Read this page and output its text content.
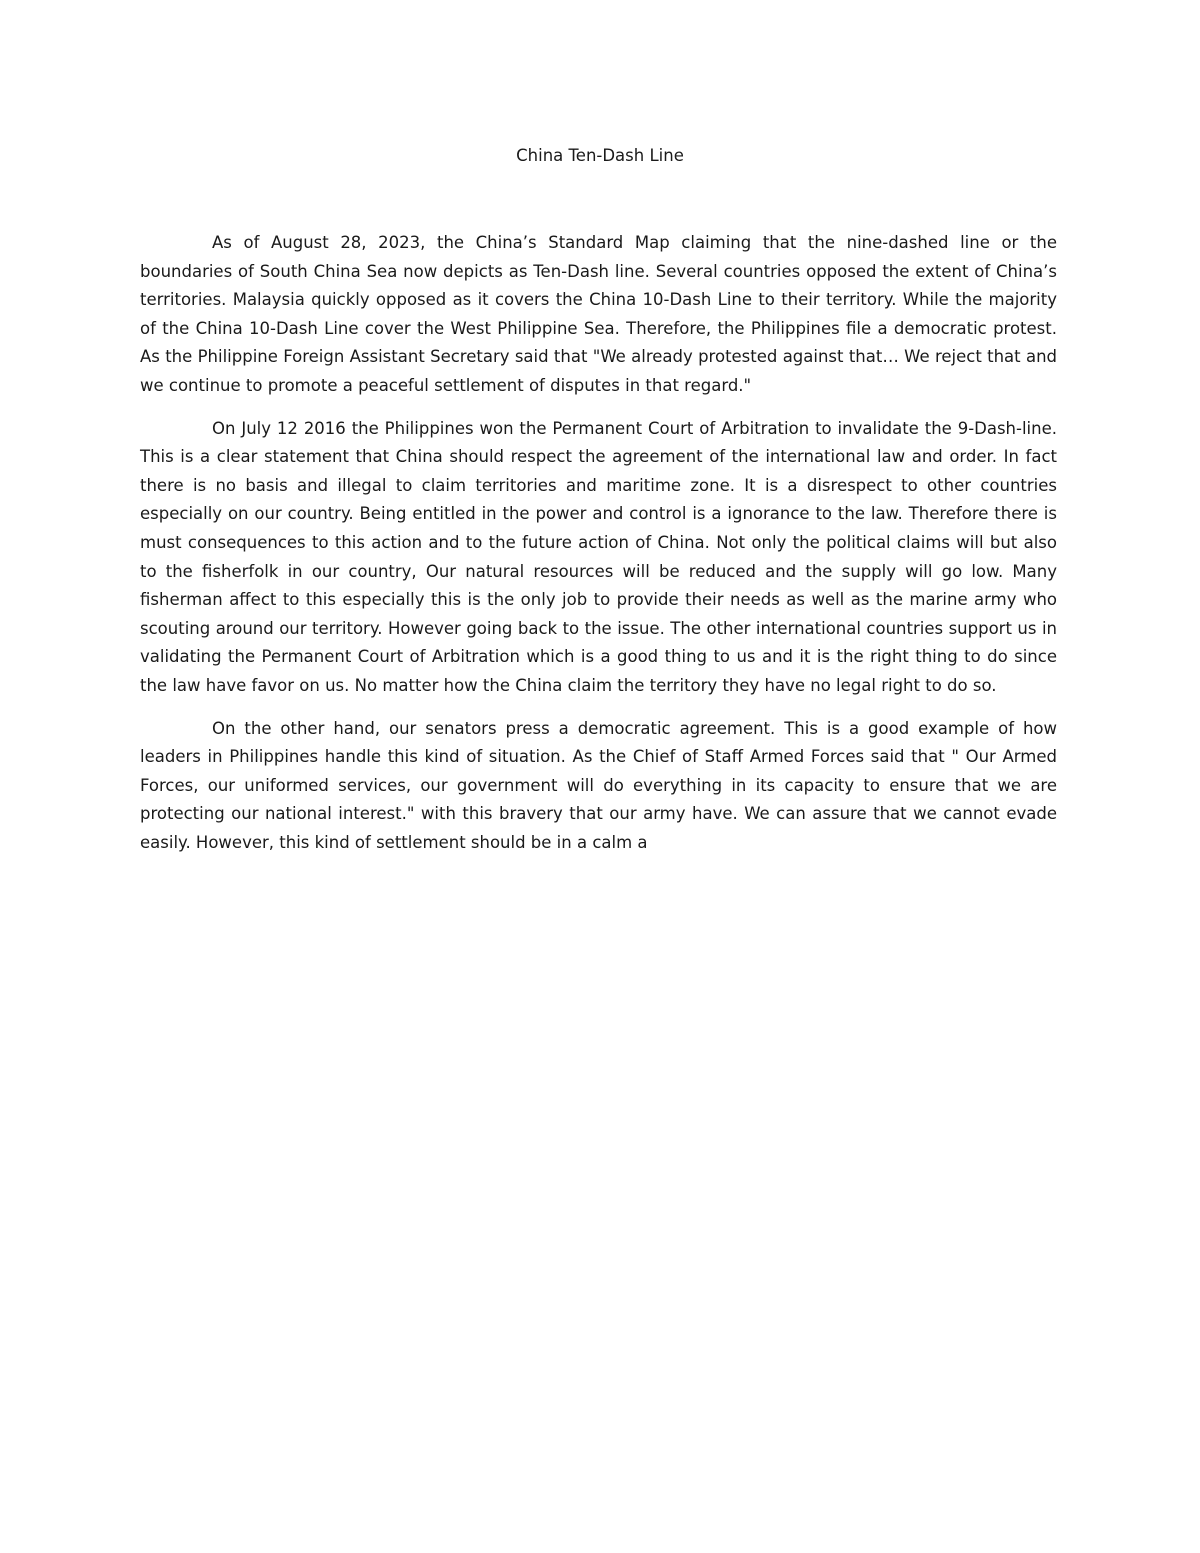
China Ten-Dash Line

As of August 28, 2023, the China’s Standard Map claiming that the nine-dashed line or the boundaries of South China Sea now depicts as Ten-Dash line. Several countries opposed the extent of China’s territories. Malaysia quickly opposed as it covers the China 10-Dash Line to their territory. While the majority of the China 10-Dash Line cover the West Philippine Sea. Therefore, the Philippines file a democratic protest. As the Philippine Foreign Assistant Secretary said that "We already protested against that… We reject that and we continue to promote a peaceful settlement of disputes in that regard."

On July 12 2016 the Philippines won the Permanent Court of Arbitration to invalidate the 9-Dash-line. This is a clear statement that China should respect the agreement of the international law and order. In fact there is no basis and illegal to claim territories and maritime zone. It is a disrespect to other countries especially on our country. Being entitled in the power and control is a ignorance to the law. Therefore there is must consequences to this action and to the future action of China. Not only the political claims will but also to the fisherfolk in our country, Our natural resources will be reduced and the supply will go low. Many fisherman affect to this especially this is the only job to provide their needs as well as the marine army who scouting around our territory. However going back to the issue. The other international countries support us in validating the Permanent Court of Arbitration which is a good thing to us and it is the right thing to do since the law have favor on us. No matter how the China claim the territory they have no legal right to do so.

On the other hand, our senators press a democratic agreement. This is a good example of how leaders in Philippines handle this kind of situation. As the Chief of Staff Armed Forces said that " Our Armed Forces, our uniformed services, our government will do everything in its capacity to ensure that we are protecting our national interest." with this bravery that our army have. We can assure that we cannot evade easily. However, this kind of settlement should be in a calm a
